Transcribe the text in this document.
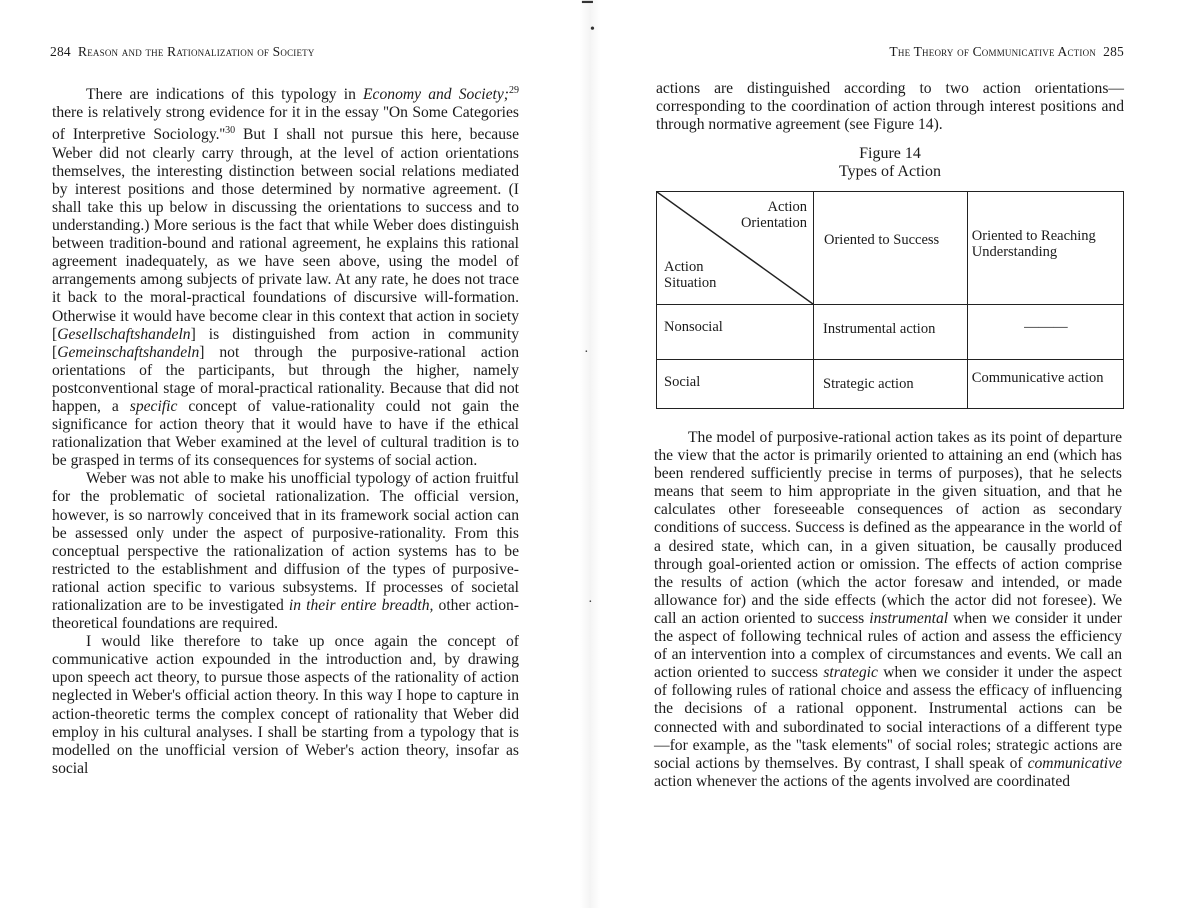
284 Reason and the Rationalization of Society

There are indications of this typology in Economy and Society;$^{29}$ there is relatively strong evidence for it in the essay ''On Some Categories of Interpretive $Sociology.''^{30}$ But I shall not pursue this here, because Weber did not clearly carry through, at the level of action orientations themselves, the interesting distinction between social relations mediated by interest positions and those determined by normative agreement. (I shall take this up below in discussing the orientations to success and to understanding.) More serious is the fact that while Weber does distinguish between tradition-bound and rational agreement, he explains this rational agreement inadequately, as we have seen above, using the model of arrangements among subjects of private law. At any rate, he does not trace it back to the moral-practical foundations of discursive will-formation. Otherwise it would have become clear in this context that action in society [Gesellschaftshandeln] is distinguished from action in community [Gemeinschaftshandeln] not through the purposive-rational action orientations of the participants, but through the higher, namely postconventional stage of moral-practical rationality. Because that did not happen, a specific concept of value-rationality could not gain the significance for action theory that it would have to have if the ethical rationalization that Weber examined at the level of cultural tradition is to be grasped in terms of its consequences for systems of social action.

Weber was not able to make his unofficial typology of action fruitful for the problematic of societal rationalization. The official version, however, is so narrowly conceived that in its framework social action can be assessed only under the aspect of purposive-rationality. From this conceptual perspective the rationalization of action systems has to be restricted to the establishment and diffusion of the types of purposive-rational action specific to various subsystems. If processes of societal rationalization are to be investigated in their entire breadth, other action-theoretical foundations are required.

I would like therefore to take up once again the concept of communicative action expounded in the introduction and, by drawing upon speech act theory, to pursue those aspects of the rationality of action neglected in Weber's official action theory. In this way I hope to capture in action-theoretic terms the complex concept of rationality that Weber did employ in his cultural analyses. I shall be starting from a typology that is modelled on the unofficial version of Weber's action theory, insofar as social

▔
•
·
·
The Theory of Communicative Action 285

actions are distinguished according to two action orientations—corresponding to the coordination of action through interest positions and through normative agreement (see Figure 14).

Figure 14
Types of Action
Action Orientation
Action Situation	Oriented to Success	Oriented to Reaching Understanding
Nonsocial	Instrumental action	———
Social	Strategic action	Communicative action

The model of purposive-rational action takes as its point of departure the view that the actor is primarily oriented to attaining an end (which has been rendered sufficiently precise in terms of purposes), that he selects means that seem to him appropriate in the given situation, and that he calculates other foreseeable consequences of action as secondary conditions of success. Success is defined as the appearance in the world of a desired state, which can, in a given situation, be causally produced through goal-oriented action or omission. The effects of action comprise the results of action (which the actor foresaw and intended, or made allowance for) and the side effects (which the actor did not foresee). We call an action oriented to success instrumental when we consider it under the aspect of following technical rules of action and assess the efficiency of an intervention into a complex of circumstances and events. We call an action oriented to success strategic when we consider it under the aspect of following rules of rational choice and assess the efficacy of influencing the decisions of a rational opponent. Instrumental actions can be connected with and subordinated to social interactions of a different type—for example, as the ''task elements'' of social roles; strategic actions are social actions by themselves. By contrast, I shall speak of communicative action whenever the actions of the agents involved are coordinated
